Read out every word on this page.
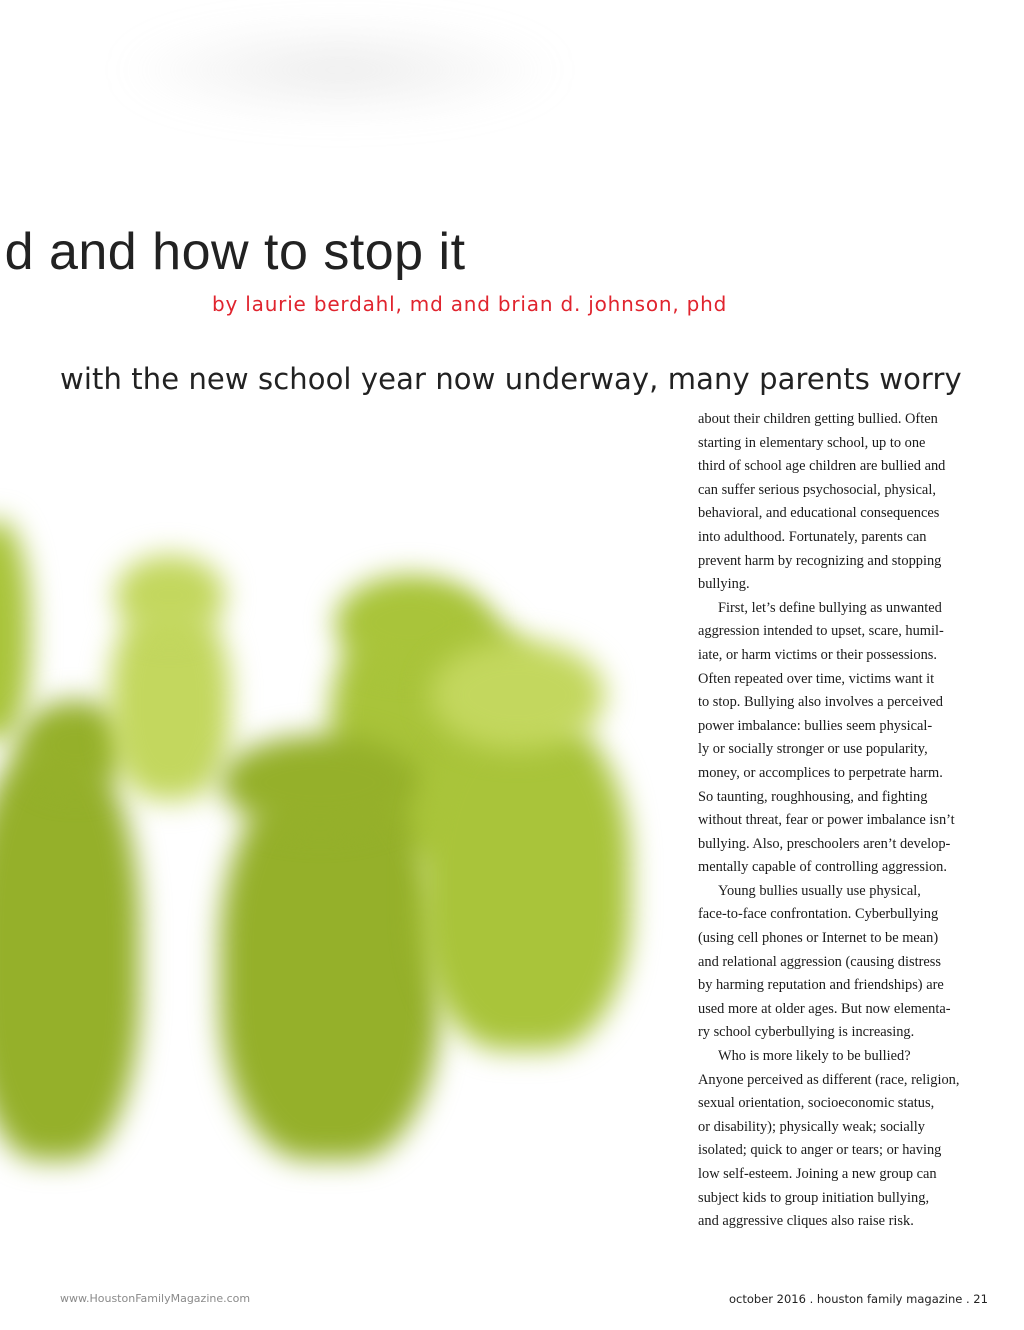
d and how to stop it
by laurie berdahl, md and brian d. johnson, phd
with the new school year now underway, many parents worry
about their children getting bullied. Often
starting in elementary school, up to one
third of school age children are bullied and
can suffer serious psychosocial, physical,
behavioral, and educational consequences
into adulthood. Fortunately, parents can
prevent harm by recognizing and stopping
bullying.
First, let’s define bullying as unwanted
aggression intended to upset, scare, humil-
iate, or harm victims or their possessions.
Often repeated over time, victims want it
to stop. Bullying also involves a perceived
power imbalance: bullies seem physical-
ly or socially stronger or use popularity,
money, or accomplices to perpetrate harm.
So taunting, roughhousing, and fighting
without threat, fear or power imbalance isn’t
bullying. Also, preschoolers aren’t develop-
mentally capable of controlling aggression.
Young bullies usually use physical,
face-to-face confrontation. Cyberbullying
(using cell phones or Internet to be mean)
and relational aggression (causing distress
by harming reputation and friendships) are
used more at older ages. But now elementa-
ry school cyberbullying is increasing.
Who is more likely to be bullied?
Anyone perceived as different (race, religion,
sexual orientation, socioeconomic status,
or disability); physically weak; socially
isolated; quick to anger or tears; or having
low self-esteem. Joining a new group can
subject kids to group initiation bullying,
and aggressive cliques also raise risk.
www.HoustonFamilyMagazine.com	october 2016 . houston family magazine . 21
